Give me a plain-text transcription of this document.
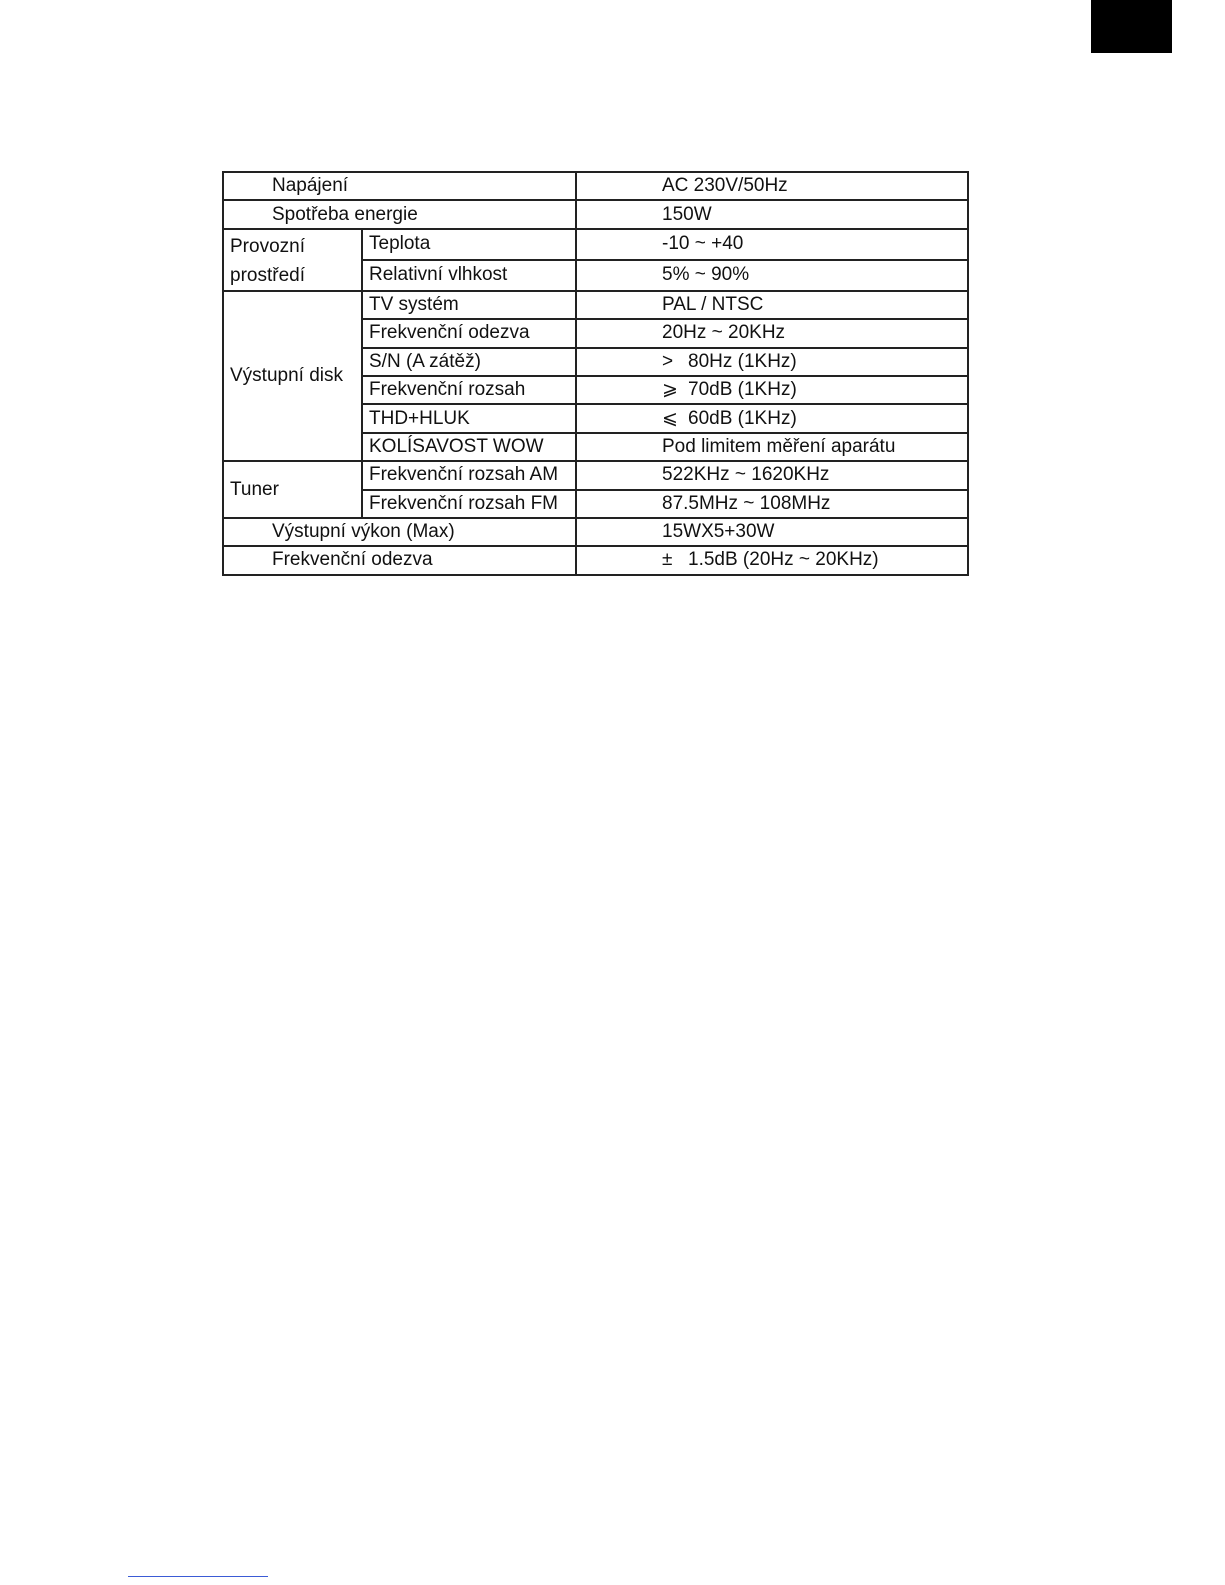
Napájení		AC 230V/50Hz
Spotřeba energie		150W
Provozní prostředí	Teplota	-10 ~ +40
	Relativní vlhkost	5% ~ 90%
Výstupní disk	TV systém	PAL / NTSC
	Frekvenční odezva	20Hz ~ 20KHz
	S/N (A zátěž)	> 80Hz (1KHz)
	Frekvenční rozsah	⩾ 70dB (1KHz)
	THD+HLUK	⩽ 60dB (1KHz)
	KOLÍSAVOST WOW	Pod limitem měření aparátu
Tuner	Frekvenční rozsah AM	522KHz ~ 1620KHz
	Frekvenční rozsah FM	87.5MHz ~ 108MHz
Výstupní výkon (Max)		15WX5+30W
Frekvenční odezva		± 1.5dB (20Hz ~ 20KHz)
